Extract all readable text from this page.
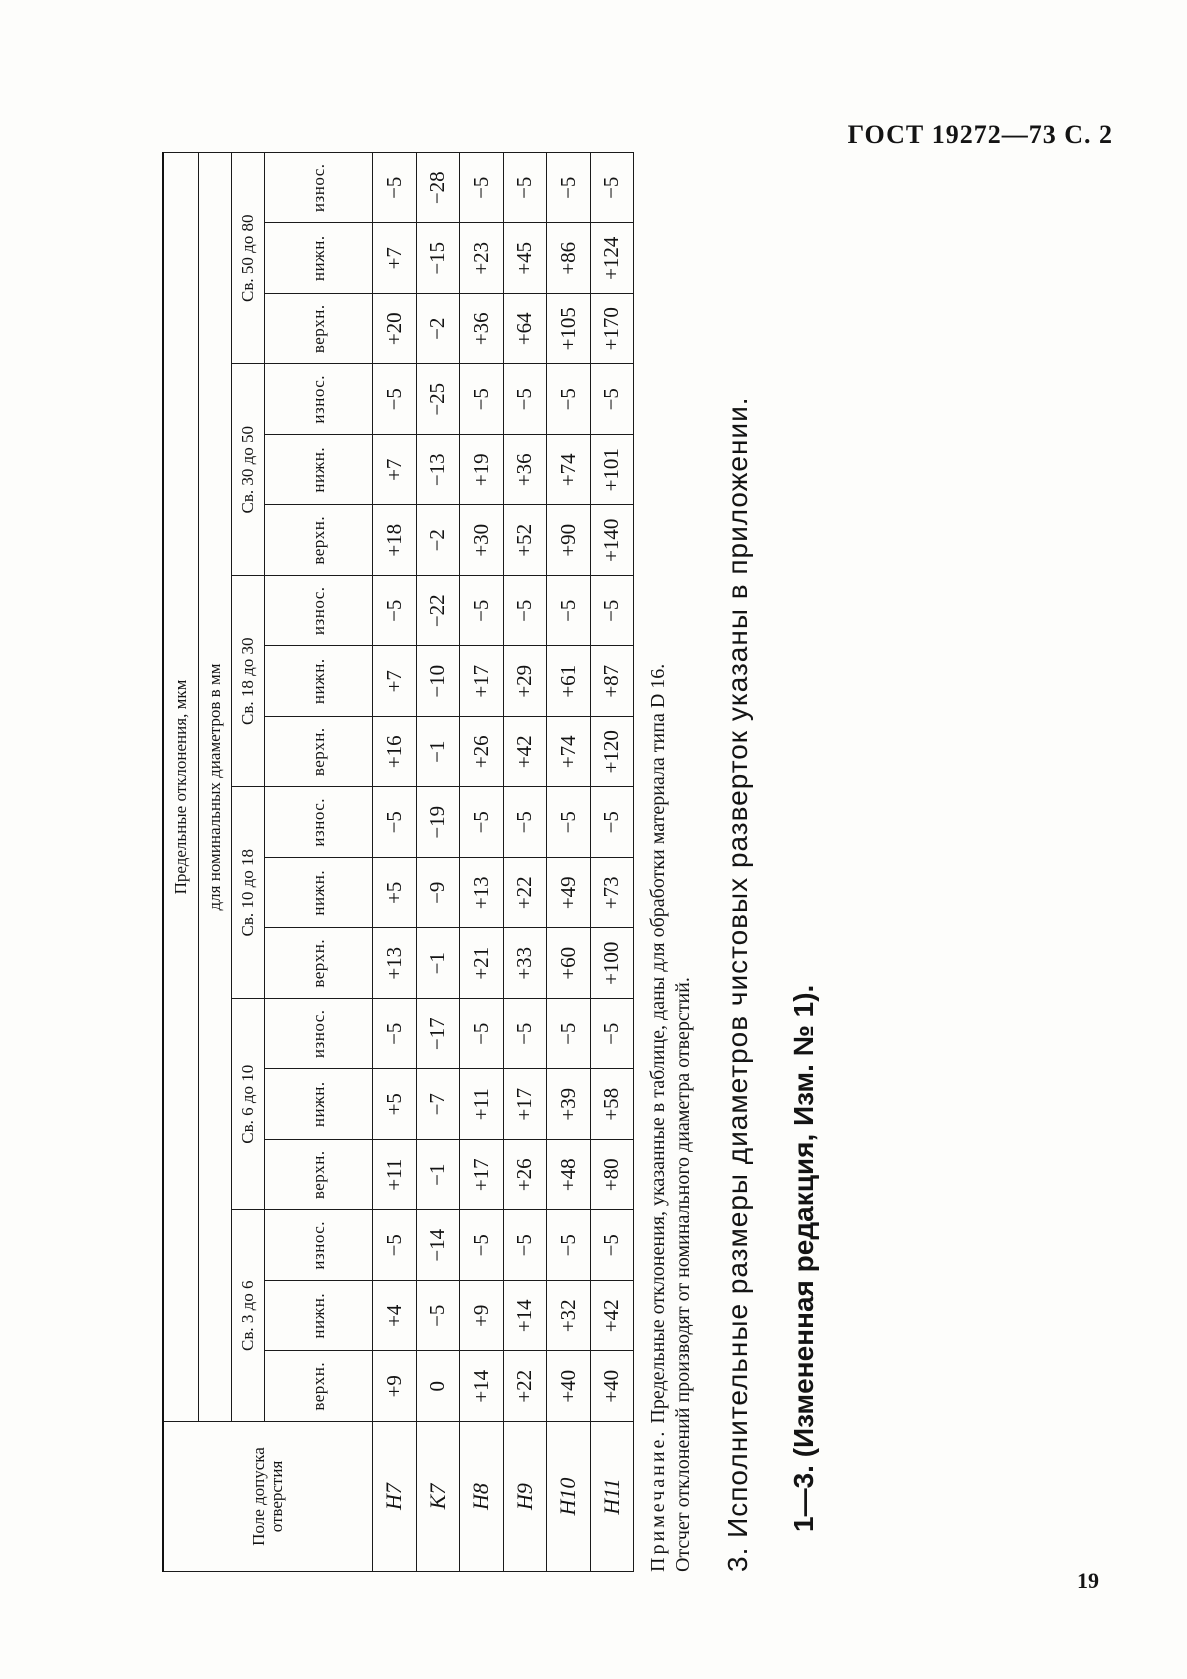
ГОСТ 19272—73 С. 2
Поле допуска отверстия	Предельные отклонения, мкм																	
	для номинальных диаметров в мм																	
	Св. 3 до 6			Св. 6 до 10			Св. 10 до 18			Св. 18 до 30			Св. 30 до 50			Св. 50 до 80		
	верхн.	нижн.	износ.	верхн.	нижн.	износ.	верхн.	нижн.	износ.	верхн.	нижн.	износ.	верхн.	нижн.	износ.	верхн.	нижн.	износ.
H7	+9	+4	−5	+11	+5	−5	+13	+5	−5	+16	+7	−5	+18	+7	−5	+20	+7	−5
K7	0	−5	−14	−1	−7	−17	−1	−9	−19	−1	−10	−22	−2	−13	−25	−2	−15	−28
H8	+14	+9	−5	+17	+11	−5	+21	+13	−5	+26	+17	−5	+30	+19	−5	+36	+23	−5
H9	+22	+14	−5	+26	+17	−5	+33	+22	−5	+42	+29	−5	+52	+36	−5	+64	+45	−5
H10	+40	+32	−5	+48	+39	−5	+60	+49	−5	+74	+61	−5	+90	+74	−5	+105	+86	−5
H11	+40	+42	−5	+80	+58	−5	+100	+73	−5	+120	+87	−5	+140	+101	−5	+170	+124	−5
Примечание. Предельные отклонения, указанные в таблице, даны для обработки материала типа D 16. Отсчет отклонений производят от номинального диаметра отверстий. 3. Исполнительные размеры диаметров чистовых разверток указаны в приложении. 1—3. (Измененная редакция, Изм. № 1).
19
